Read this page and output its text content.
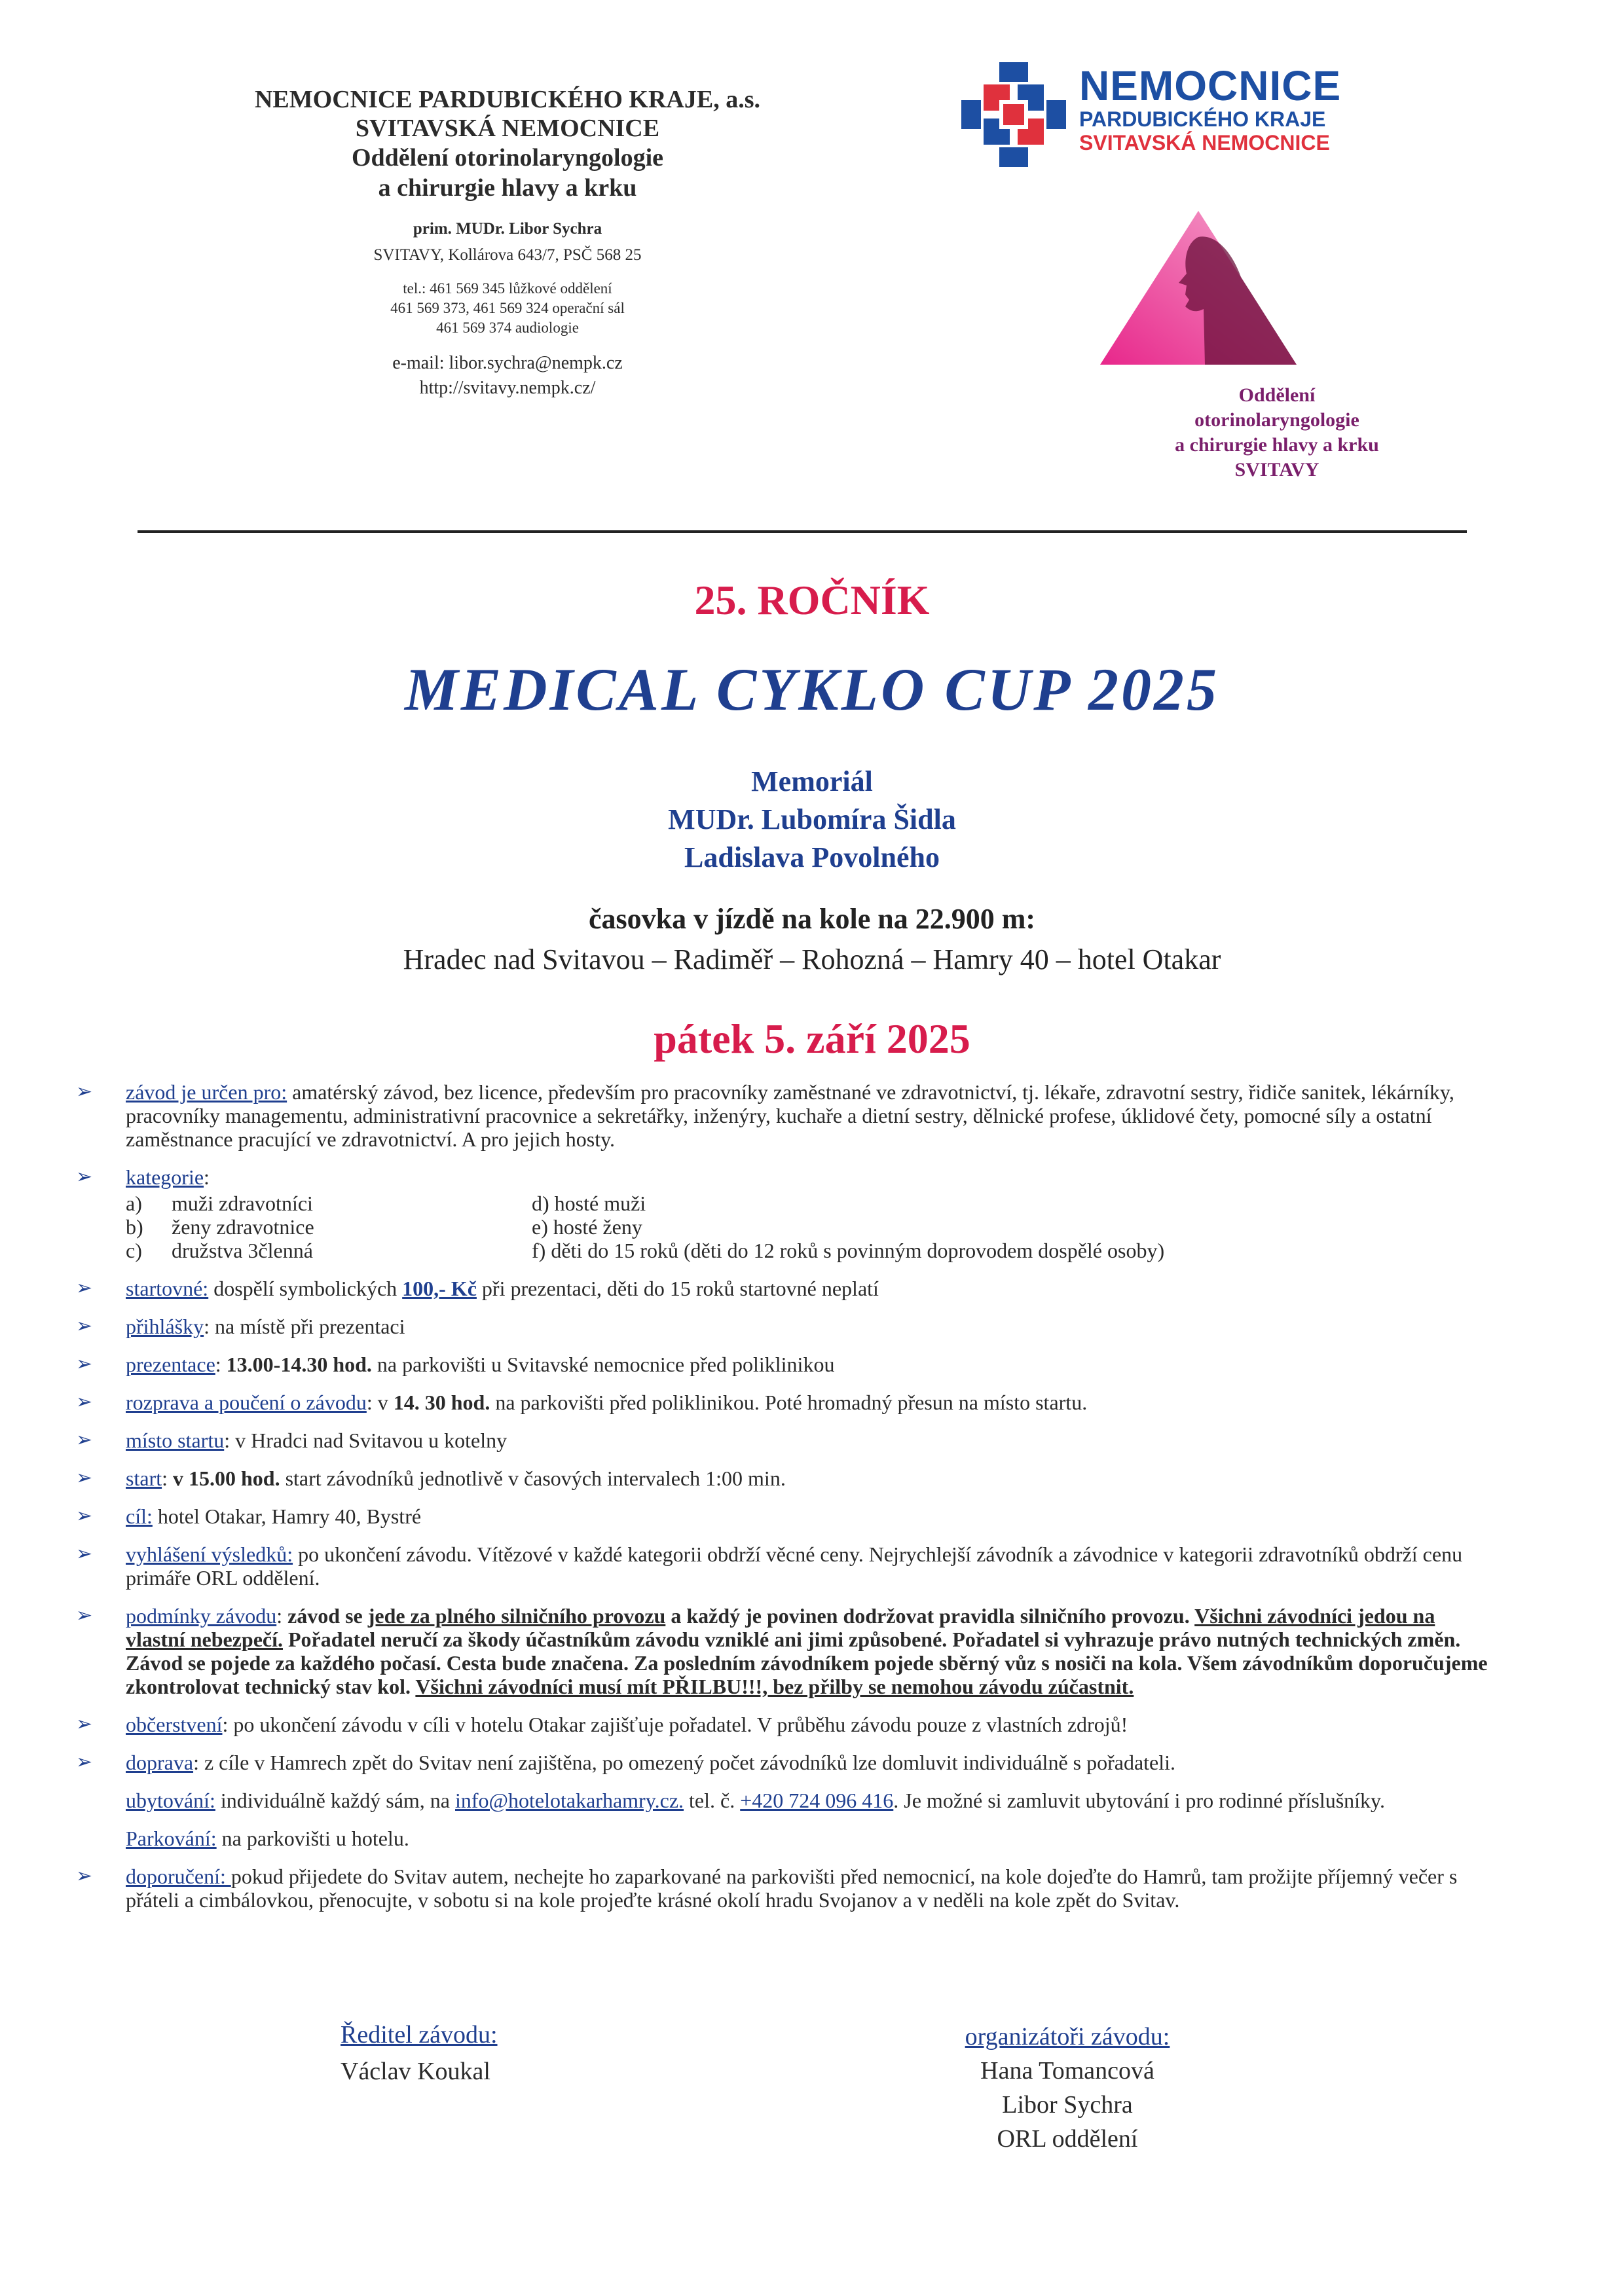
NEMOCNICE PARDUBICKÉHO KRAJE, a.s.
SVITAVSKÁ NEMOCNICE
Oddělení otorinolaryngologie
a chirurgie hlavy a krku
prim. MUDr. Libor Sychra
SVITAVY, Kollárova 643/7, PSČ 568 25
tel.: 461 569 345 lůžkové oddělení
461 569 373, 461 569 324 operační sál
461 569 374 audiologie
e-mail: libor.sychra@nempk.cz
http://svitavy.nempk.cz/
NEMOCNICE
PARDUBICKÉHO KRAJE
SVITAVSKÁ NEMOCNICE
Oddělení
otorinolaryngologie
a chirurgie hlavy a krku
SVITAVY
25. ROČNÍK
MEDICAL CYKLO CUP 2025
Memoriál
MUDr. Lubomíra Šidla
Ladislava Povolného
časovka v jízdě na kole na 22.900 m:
Hradec nad Svitavou – Radiměř – Rohozná – Hamry 40 – hotel Otakar
pátek 5. září 2025
➢ závod je určen pro: amatérský závod, bez licence, především pro pracovníky zaměstnané ve zdravotnictví, tj. lékaře, zdravotní sestry, řidiče sanitek, lékárníky, pracovníky managementu, administrativní pracovnice a sekretářky, inženýry, kuchaře a dietní sestry, dělnické profese, úklidové čety, pomocné síly a ostatní zaměstnance pracující ve zdravotnictví. A pro jejich hosty.
➢ kategorie:
a) muži zdravotníci	d) hosté muži
b) ženy zdravotnice	e) hosté ženy
c) družstva 3členná	f) děti do 15 roků (děti do 12 roků s povinným doprovodem dospělé osoby)
➢ startovné: dospělí symbolických 100,- Kč při prezentaci, děti do 15 roků startovné neplatí
➢ přihlášky: na místě při prezentaci
➢ prezentace: 13.00-14.30 hod. na parkovišti u Svitavské nemocnice před poliklinikou
➢ rozprava a poučení o závodu: v 14. 30 hod. na parkovišti před poliklinikou. Poté hromadný přesun na místo startu.
➢ místo startu: v Hradci nad Svitavou u kotelny
➢ start: v 15.00 hod. start závodníků jednotlivě v časových intervalech 1:00 min.
➢ cíl: hotel Otakar, Hamry 40, Bystré
➢ vyhlášení výsledků: po ukončení závodu. Vítězové v každé kategorii obdrží věcné ceny. Nejrychlejší závodník a závodnice v kategorii zdravotníků obdrží cenu primáře ORL oddělení.
➢ podmínky závodu: závod se jede za plného silničního provozu a každý je povinen dodržovat pravidla silničního provozu. Všichni závodníci jedou na vlastní nebezpečí. Pořadatel neručí za škody účastníkům závodu vzniklé ani jimi způsobené. Pořadatel si vyhrazuje právo nutných technických změn. Závod se pojede za každého počasí. Cesta bude značena. Za posledním závodníkem pojede sběrný vůz s nosiči na kola. Všem závodníkům doporučujeme zkontrolovat technický stav kol. Všichni závodníci musí mít PŘILBU!!!, bez přilby se nemohou závodu zúčastnit.
➢ občerstvení: po ukončení závodu v cíli v hotelu Otakar zajišťuje pořadatel. V průběhu závodu pouze z vlastních zdrojů!
➢ doprava: z cíle v Hamrech zpět do Svitav není zajištěna, po omezený počet závodníků lze domluvit individuálně s pořadateli.
ubytování: individuálně každý sám, na info@hotelotakarhamry.cz. tel. č. +420 724 096 416. Je možné si zamluvit ubytování i pro rodinné příslušníky.
Parkování: na parkovišti u hotelu.
➢ doporučení: pokud přijedete do Svitav autem, nechejte ho zaparkované na parkovišti před nemocnicí, na kole dojeďte do Hamrů, tam prožijte příjemný večer s přáteli a cimbálovkou, přenocujte, v sobotu si na kole projeďte krásné okolí hradu Svojanov a v neděli na kole zpět do Svitav.
Ředitel závodu:
Václav Koukal
organizátoři závodu:
Hana Tomancová
Libor Sychra
ORL oddělení
